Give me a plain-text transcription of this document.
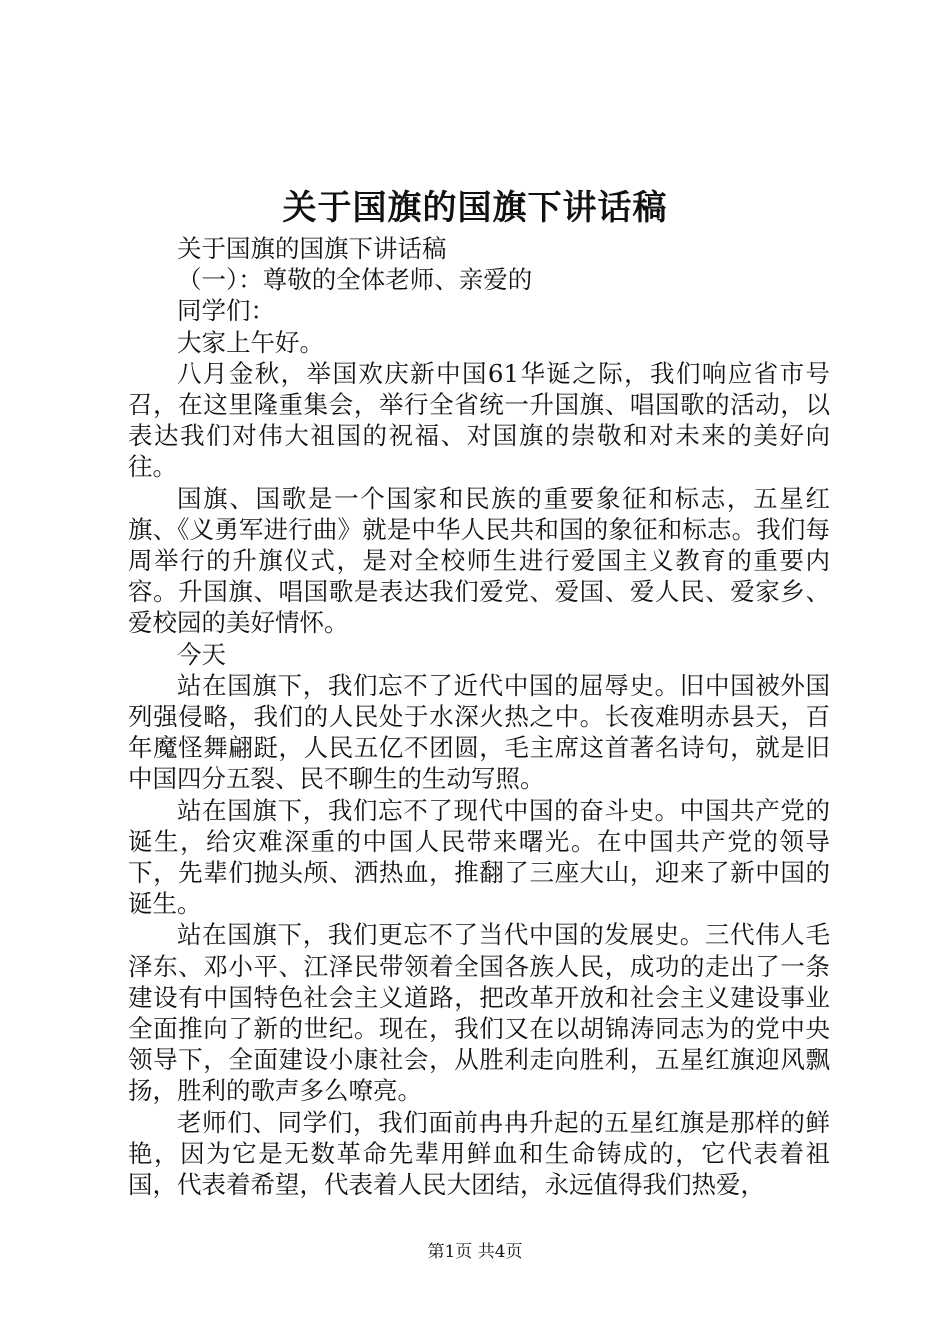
关于国旗的国旗下讲话稿

关于国旗的国旗下讲话稿

（一）：尊敬的全体老师、亲爱的

同学们：

大家上午好。

八月金秋，举国欢庆新中国61华诞之际，我们响应省市号召，在这里隆重集会，举行全省统一升国旗、唱国歌的活动，以表达我们对伟大祖国的祝福、对国旗的崇敬和对未来的美好向往。

国旗、国歌是一个国家和民族的重要象征和标志，五星红旗、《义勇军进行曲》就是中华人民共和国的象征和标志。我们每周举行的升旗仪式，是对全校师生进行爱国主义教育的重要内容。升国旗、唱国歌是表达我们爱党、爱国、爱人民、爱家乡、爱校园的美好情怀。

今天

站在国旗下，我们忘不了近代中国的屈辱史。旧中国被外国列强侵略，我们的人民处于水深火热之中。长夜难明赤县天，百年魔怪舞翩跹，人民五亿不团圆，毛主席这首著名诗句，就是旧中国四分五裂、民不聊生的生动写照。

站在国旗下，我们忘不了现代中国的奋斗史。中国共产党的诞生，给灾难深重的中国人民带来曙光。在中国共产党的领导下，先辈们抛头颅、洒热血，推翻了三座大山，迎来了新中国的诞生。

站在国旗下，我们更忘不了当代中国的发展史。三代伟人毛泽东、邓小平、江泽民带领着全国各族人民，成功的走出了一条建设有中国特色社会主义道路，把改革开放和社会主义建设事业全面推向了新的世纪。现在，我们又在以胡锦涛同志为的党中央领导下，全面建设小康社会，从胜利走向胜利，五星红旗迎风飘扬，胜利的歌声多么嘹亮。

老师们、同学们，我们面前冉冉升起的五星红旗是那样的鲜艳，因为它是无数革命先辈用鲜血和生命铸成的，它代表着祖国，代表着希望，代表着人民大团结，永远值得我们热爱，

第1页 共4页
